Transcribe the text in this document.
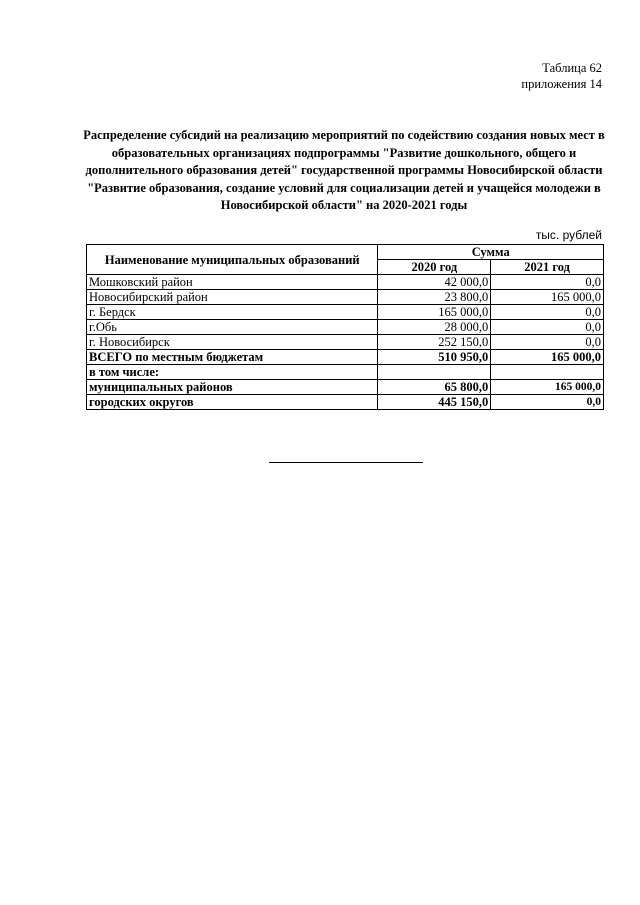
Таблица 62
приложения 14
Распределение субсидий на реализацию мероприятий по содействию создания новых мест в образовательных организациях подпрограммы "Развитие дошкольного, общего и дополнительного образования детей" государственной программы Новосибирской области "Развитие образования, создание условий для социализации детей и учащейся молодежи в Новосибирской области" на 2020-2021 годы
тыс. рублей
Наименование муниципальных образований	Сумма	
	2020 год	2021 год
Мошковский район	42 000,0	0,0
Новосибирский район	23 800,0	165 000,0
г. Бердск	165 000,0	0,0
г.Обь	28 000,0	0,0
г. Новосибирск	252 150,0	0,0
ВСЕГО по местным бюджетам	510 950,0	165 000,0
в том числе:		
муниципальных районов	65 800,0	165 000,0
городских округов	445 150,0	0,0
